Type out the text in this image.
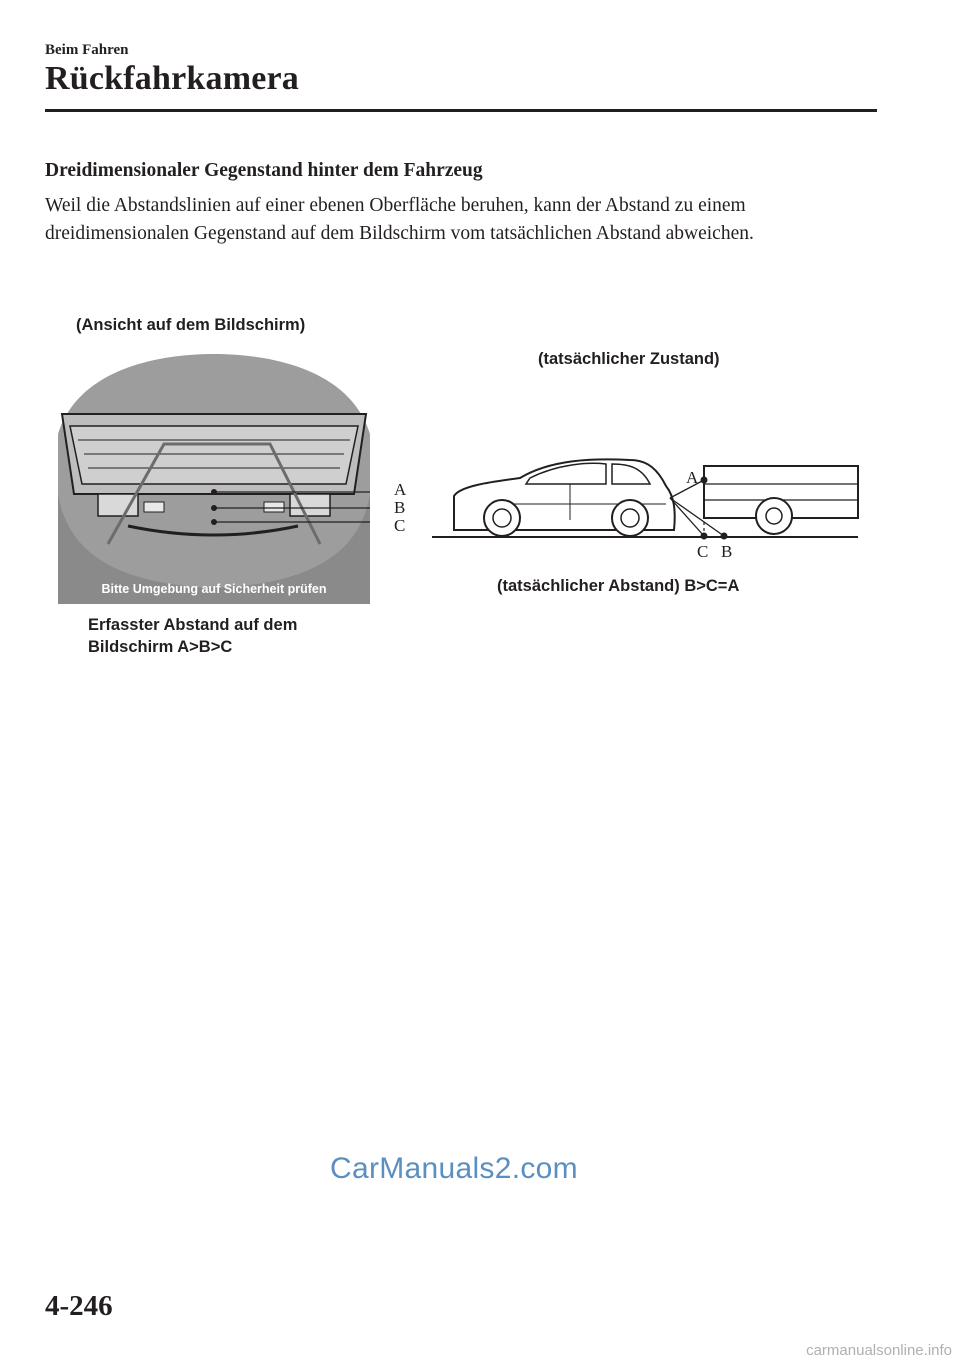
Beim Fahren
Rückfahrkamera
Dreidimensionaler Gegenstand hinter dem Fahrzeug

Weil die Abstandslinien auf einer ebenen Oberfläche beruhen, kann der Abstand zu einem

dreidimensionalen Gegenstand auf dem Bildschirm vom tatsächlichen Abstand abweichen.

(Ansicht auf dem Bildschirm)
Bitte Umgebung auf Sicherheit prüfen
A
B
C
Erfasster Abstand auf dem
Bildschirm A>B>C
(tatsächlicher Zustand)
A
C B
(tatsächlicher Abstand) B>C=A
CarManuals2.com
4-246
carmanualsonline.info
